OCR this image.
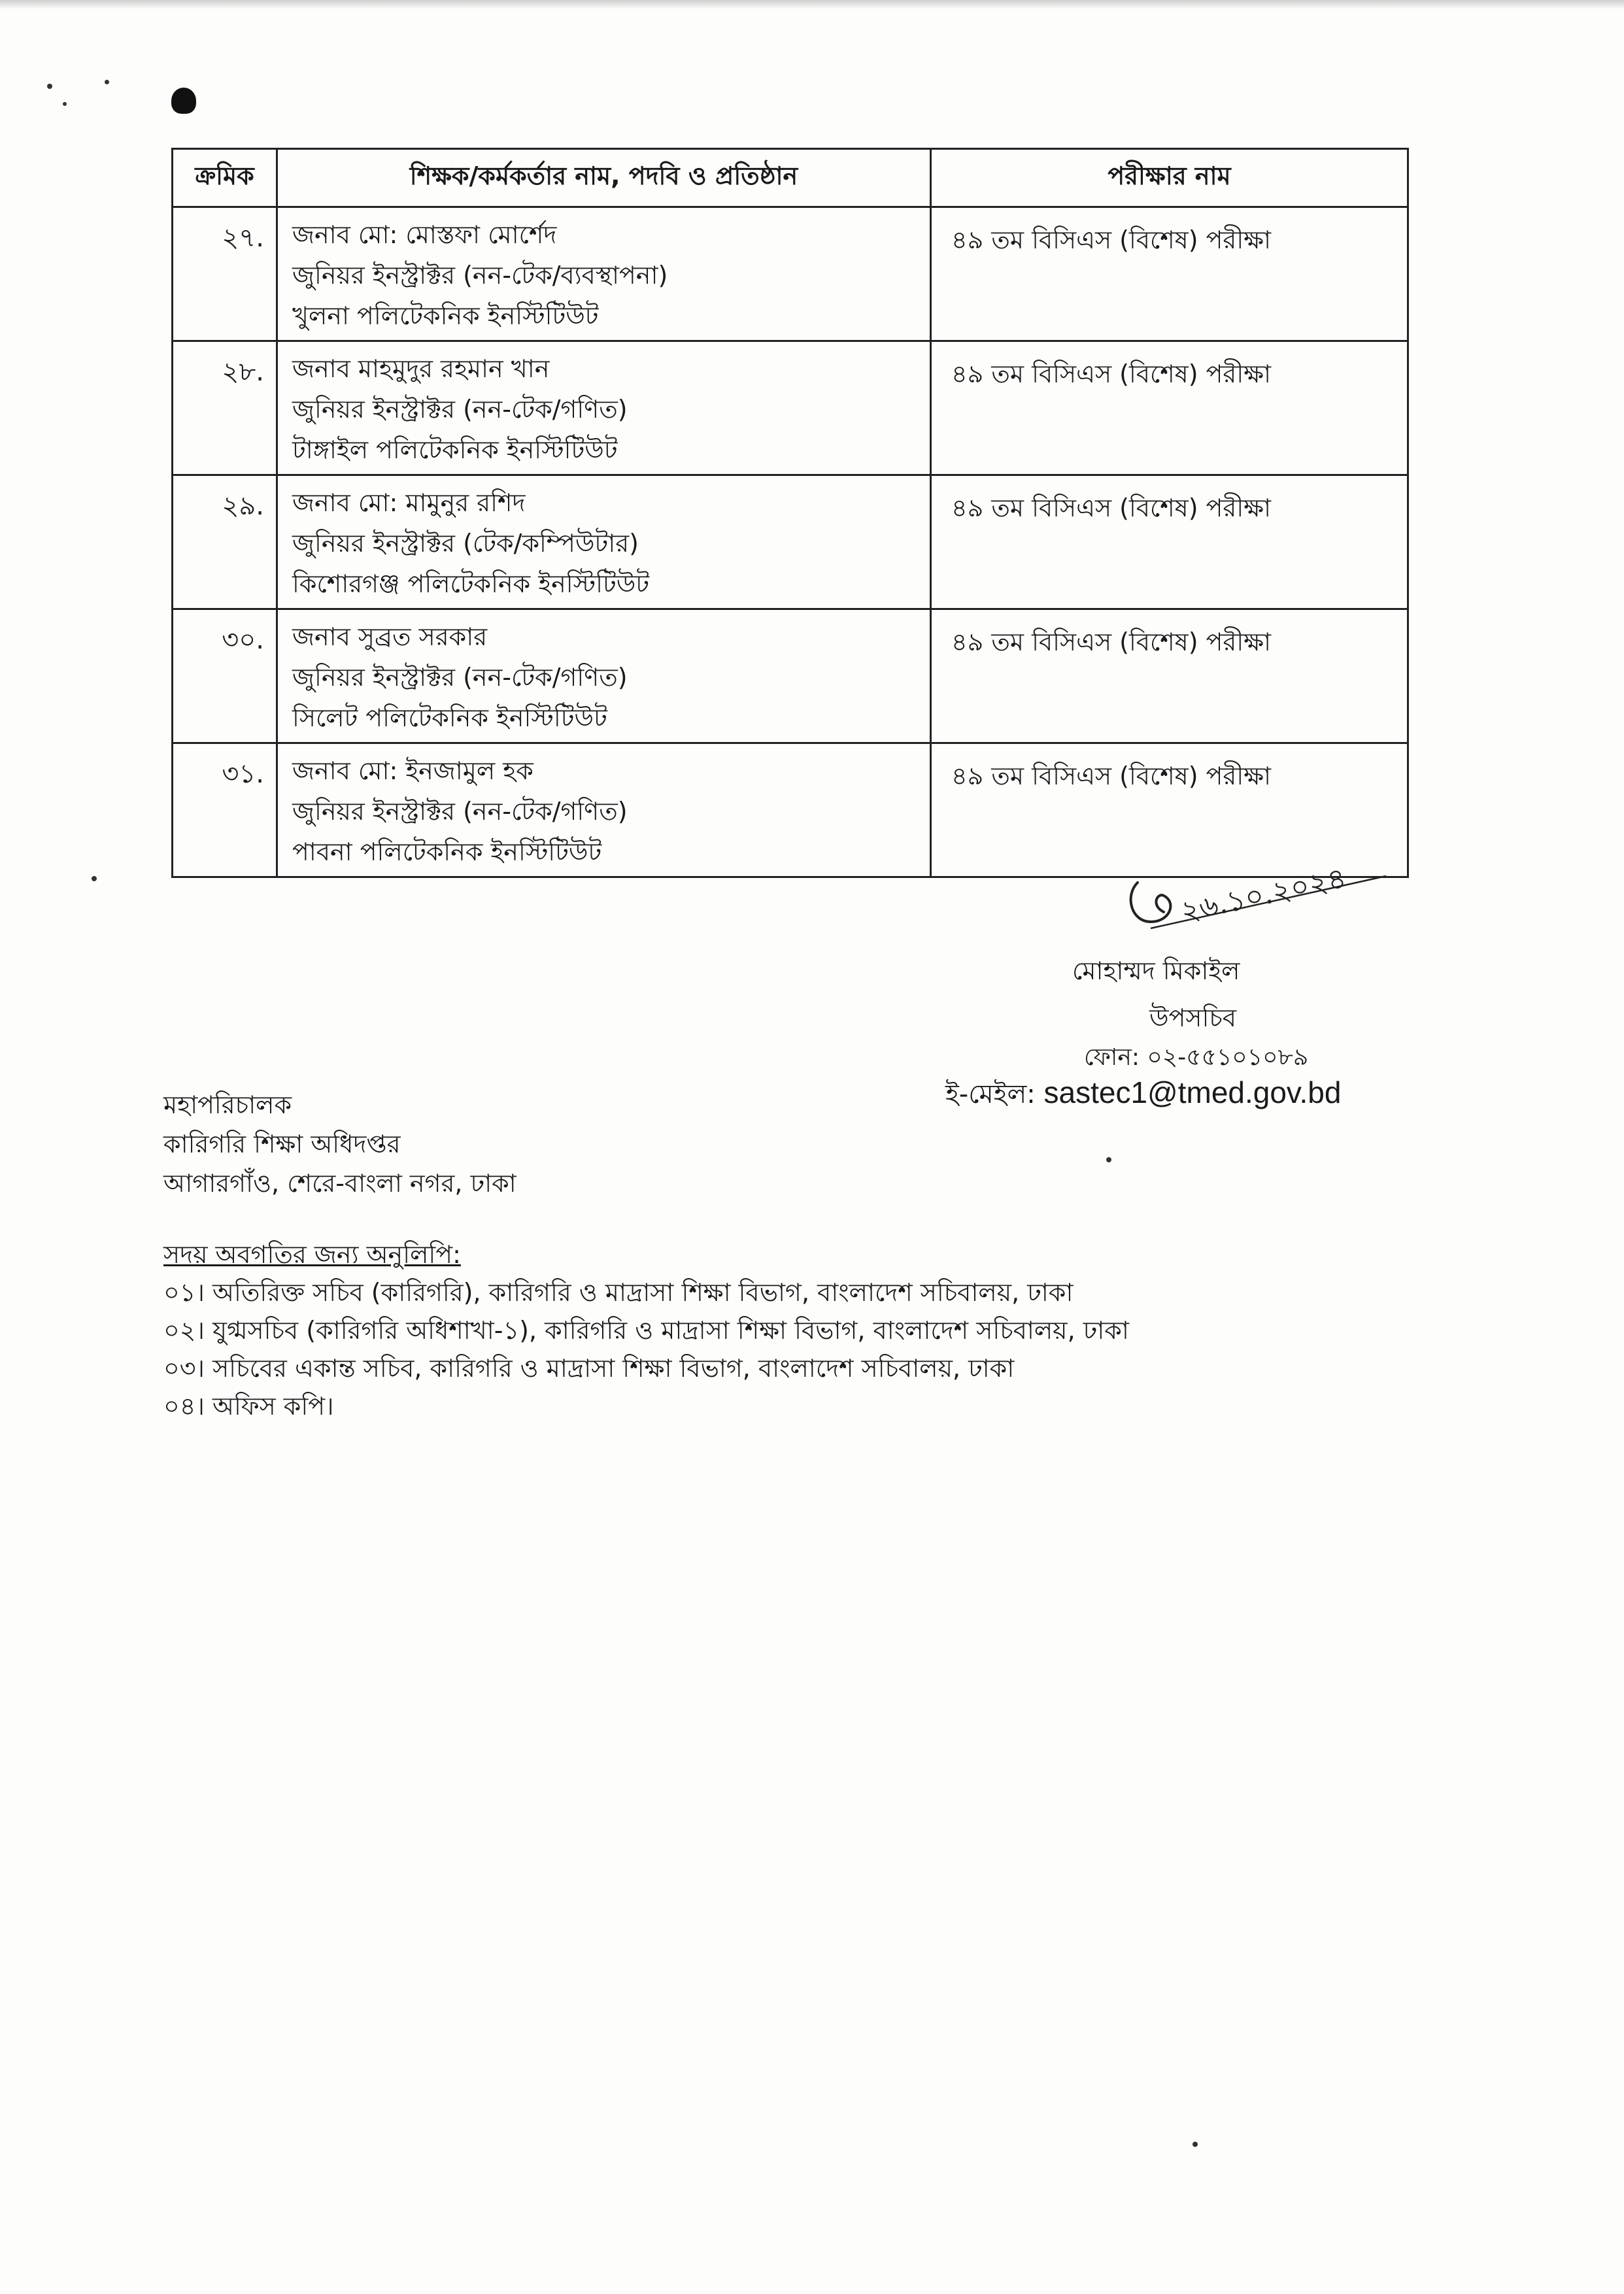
ক্রমিক	শিক্ষক/কর্মকর্তার নাম, পদবি ও প্রতিষ্ঠান	পরীক্ষার নাম
২৭.	জনাব মো: মোস্তফা মোর্শেদ
জুনিয়র ইনস্ট্রাক্টর (নন-টেক/ব্যবস্থাপনা)
খুলনা পলিটেকনিক ইনস্টিটিউট	৪৯ তম বিসিএস (বিশেষ) পরীক্ষা
২৮.	জনাব মাহমুদুর রহমান খান
জুনিয়র ইনস্ট্রাক্টর (নন-টেক/গণিত)
টাঙ্গাইল পলিটেকনিক ইনস্টিটিউট	৪৯ তম বিসিএস (বিশেষ) পরীক্ষা
২৯.	জনাব মো: মামুনুর রশিদ
জুনিয়র ইনস্ট্রাক্টর (টেক/কম্পিউটার)
কিশোরগঞ্জ পলিটেকনিক ইনস্টিটিউট	৪৯ তম বিসিএস (বিশেষ) পরীক্ষা
৩০.	জনাব সুব্রত সরকার
জুনিয়র ইনস্ট্রাক্টর (নন-টেক/গণিত)
সিলেট পলিটেকনিক ইনস্টিটিউট	৪৯ তম বিসিএস (বিশেষ) পরীক্ষা
৩১.	জনাব মো: ইনজামুল হক
জুনিয়র ইনস্ট্রাক্টর (নন-টেক/গণিত)
পাবনা পলিটেকনিক ইনস্টিটিউট	৪৯ তম বিসিএস (বিশেষ) পরীক্ষা
২৬.১০.২০২৪
মোহাম্মদ মিকাইল
উপসচিব
ফোন: ০২-৫৫১০১০৮৯
ই-মেইল: sastec1@tmed.gov.bd
মহাপরিচালক
কারিগরি শিক্ষা অধিদপ্তর
আগারগাঁও, শেরে-বাংলা নগর, ঢাকা
সদয় অবগতির জন্য অনুলিপি:
০১। অতিরিক্ত সচিব (কারিগরি), কারিগরি ও মাদ্রাসা শিক্ষা বিভাগ, বাংলাদেশ সচিবালয়, ঢাকা
০২। যুগ্মসচিব (কারিগরি অধিশাখা-১), কারিগরি ও মাদ্রাসা শিক্ষা বিভাগ, বাংলাদেশ সচিবালয়, ঢাকা
০৩। সচিবের একান্ত সচিব, কারিগরি ও মাদ্রাসা শিক্ষা বিভাগ, বাংলাদেশ সচিবালয়, ঢাকা
০৪। অফিস কপি।
